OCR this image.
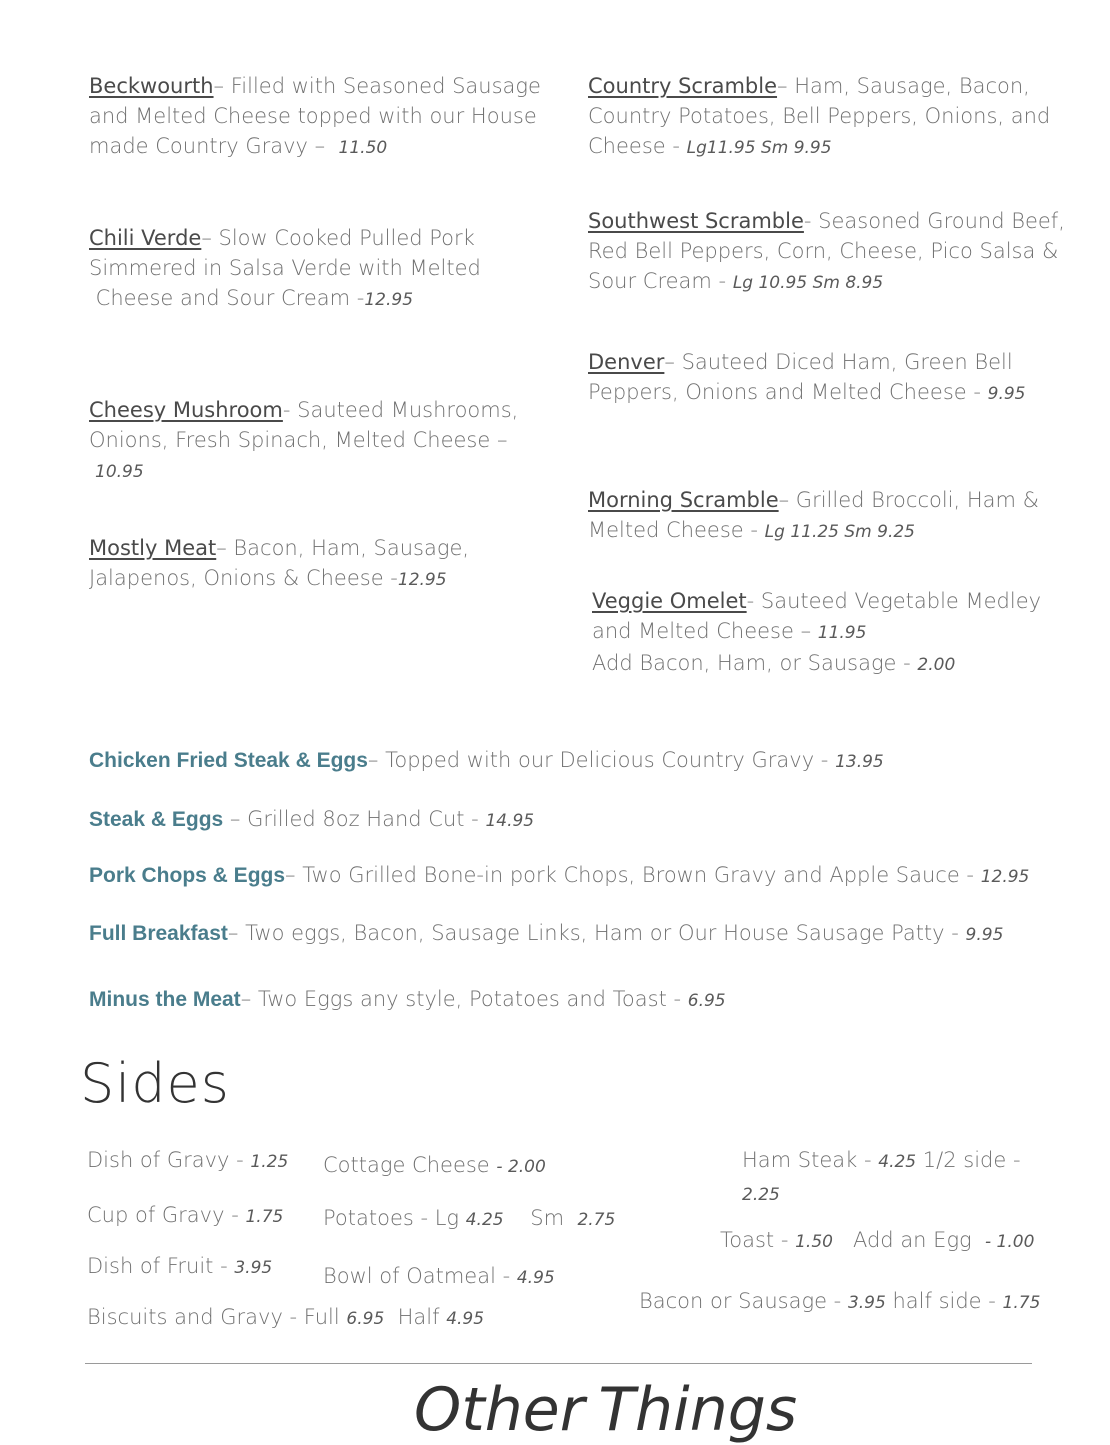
Beckwourth– Filled with Seasoned Sausage
and Melted Cheese topped with our House
made Country Gravy – 11.50
Chili Verde– Slow Cooked Pulled Pork
Simmered in Salsa Verde with Melted
Cheese and Sour Cream -12.95
Cheesy Mushroom- Sauteed Mushrooms,
Onions, Fresh Spinach, Melted Cheese –
10.95
Mostly Meat– Bacon, Ham, Sausage,
Jalapenos, Onions & Cheese -12.95
Country Scramble– Ham, Sausage, Bacon,
Country Potatoes, Bell Peppers, Onions, and
Cheese - Lg11.95 Sm 9.95
Southwest Scramble- Seasoned Ground Beef,
Red Bell Peppers, Corn, Cheese, Pico Salsa &
Sour Cream - Lg 10.95 Sm 8.95
Denver– Sauteed Diced Ham, Green Bell
Peppers, Onions and Melted Cheese - 9.95
Morning Scramble– Grilled Broccoli, Ham &
Melted Cheese - Lg 11.25 Sm 9.25
Veggie Omelet- Sauteed Vegetable Medley
and Melted Cheese – 11.95
Add Bacon, Ham, or Sausage - 2.00
Chicken Fried Steak & Eggs– Topped with our Delicious Country Gravy - 13.95
Steak & Eggs – Grilled 8oz Hand Cut - 14.95
Pork Chops & Eggs– Two Grilled Bone-in pork Chops, Brown Gravy and Apple Sauce - 12.95
Full Breakfast– Two eggs, Bacon, Sausage Links, Ham or Our House Sausage Patty - 9.95
Minus the Meat– Two Eggs any style, Potatoes and Toast - 6.95
Sides
Dish of Gravy - 1.25
Cup of Gravy - 1.75
Dish of Fruit - 3.95
Biscuits and Gravy - Full 6.95 Half 4.95
Cottage Cheese - 2.00
Potatoes - Lg 4.25 Sm 2.75
Bowl of Oatmeal - 4.95
Ham Steak - 4.25 1/2 side -
2.25
Toast - 1.50 Add an Egg - 1.00
Bacon or Sausage - 3.95 half side - 1.75
Other Things
